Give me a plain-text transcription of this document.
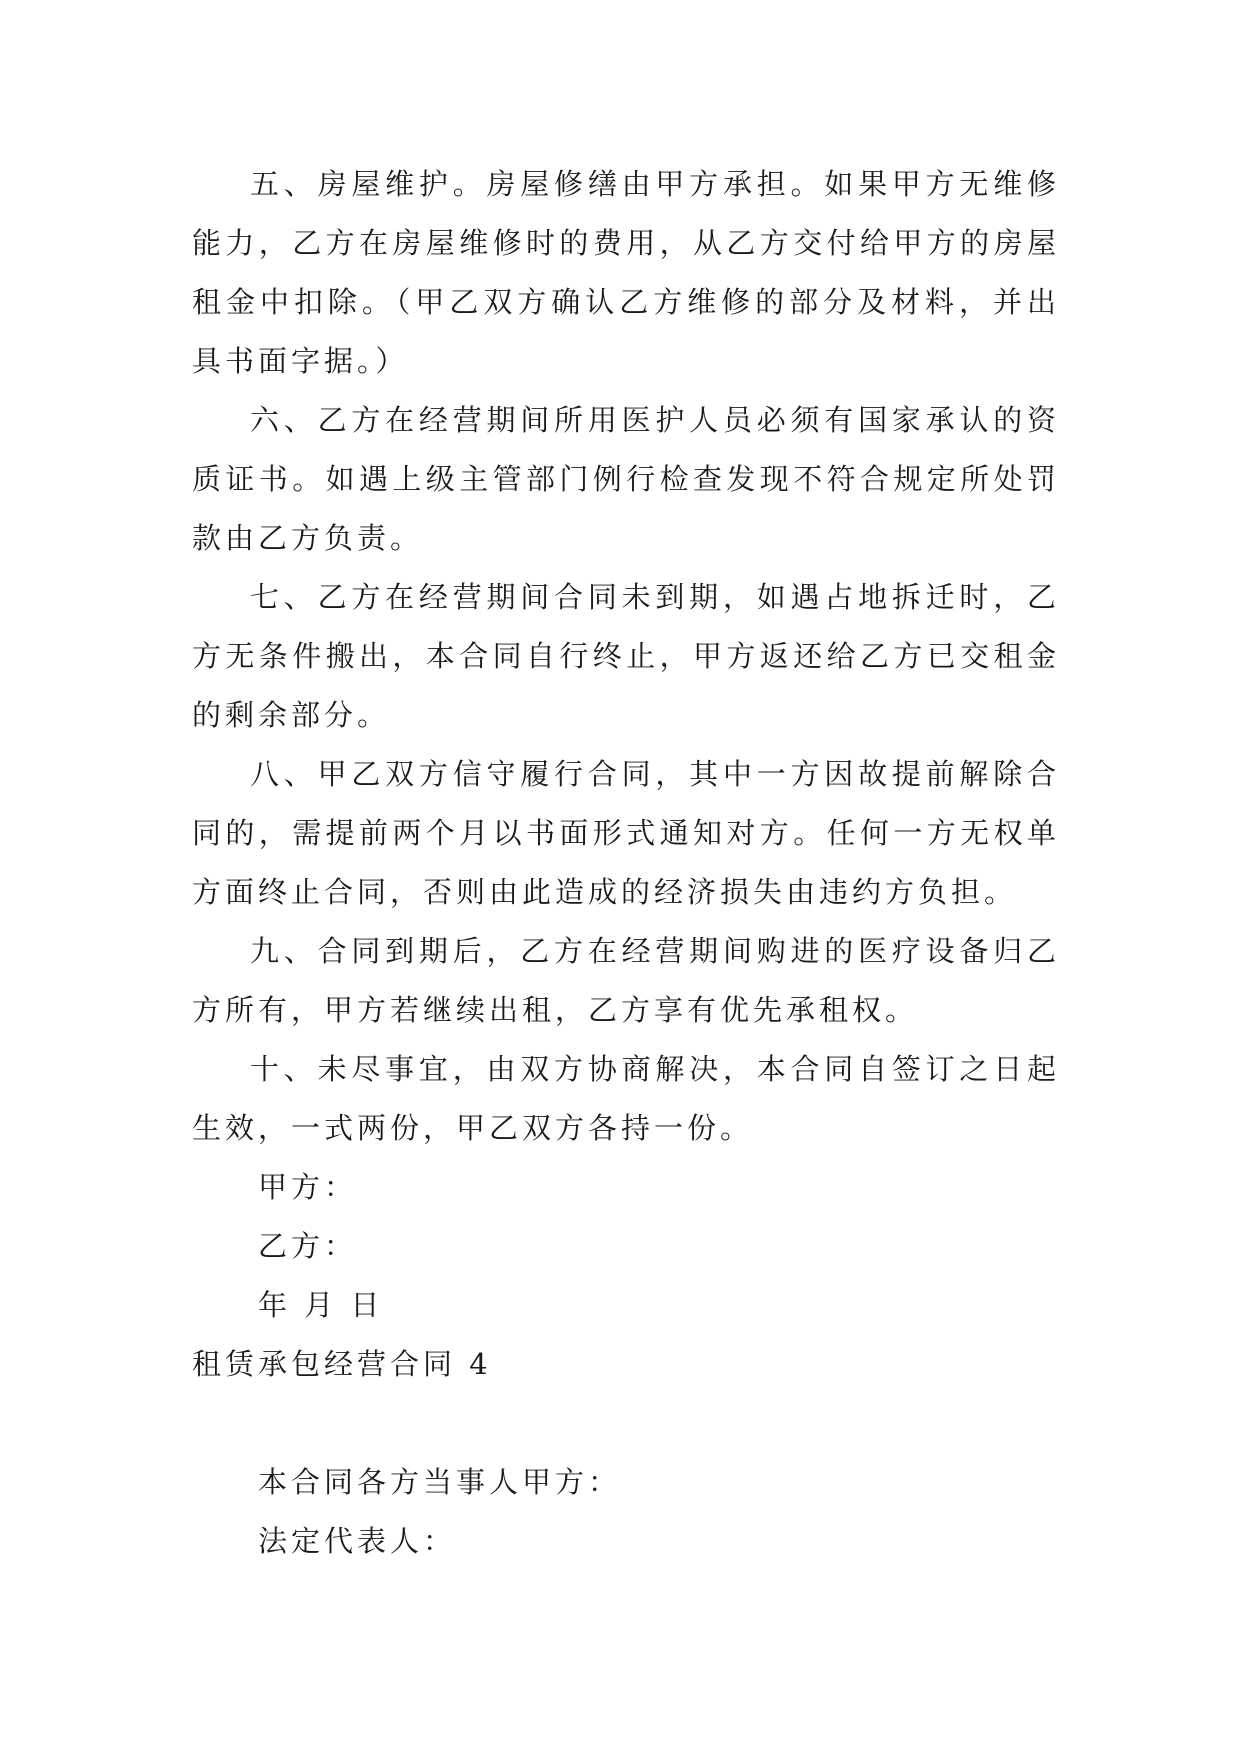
五、房屋维护。房屋修缮由甲方承担。如果甲方无维修能力，乙方在房屋维修时的费用，从乙方交付给甲方的房屋租金中扣除。（甲乙双方确认乙方维修的部分及材料，并出具书面字据。）

六、乙方在经营期间所用医护人员必须有国家承认的资质证书。如遇上级主管部门例行检查发现不符合规定所处罚款由乙方负责。

七、乙方在经营期间合同未到期，如遇占地拆迁时，乙方无条件搬出，本合同自行终止，甲方返还给乙方已交租金的剩余部分。

八、甲乙双方信守履行合同，其中一方因故提前解除合同的，需提前两个月以书面形式通知对方。任何一方无权单方面终止合同，否则由此造成的经济损失由违约方负担。

九、合同到期后，乙方在经营期间购进的医疗设备归乙方所有，甲方若继续出租，乙方享有优先承租权。

十、未尽事宜，由双方协商解决，本合同自签订之日起生效，一式两份，甲乙双方各持一份。

甲方：

乙方：

年 月 日

租赁承包经营合同 4

本合同各方当事人甲方：

法定代表人：
